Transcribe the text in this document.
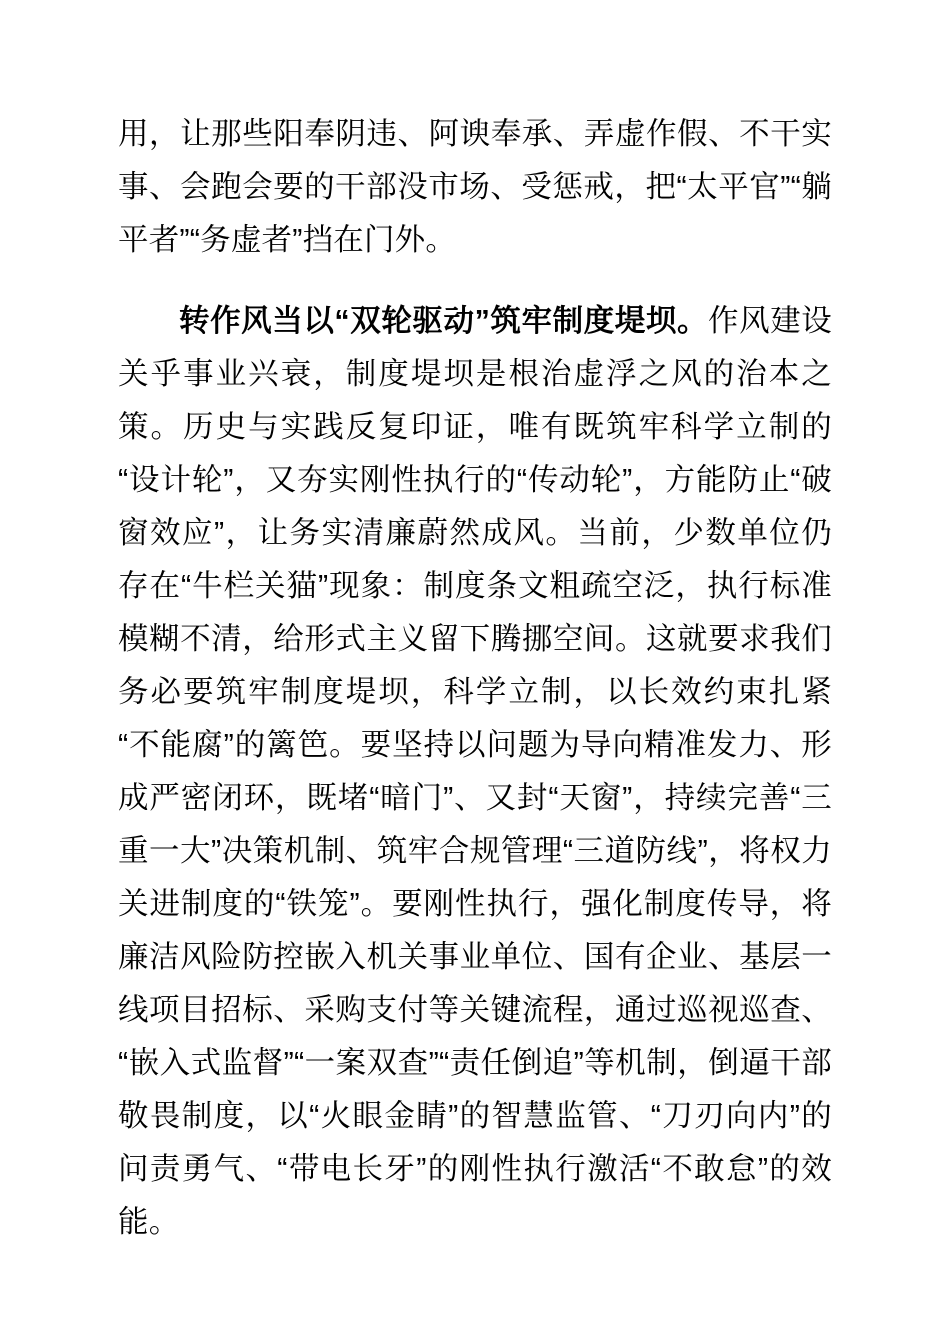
用，让那些阳奉阴违、阿谀奉承、弄虚作假、不干实事、会跑会要的干部没市场、受惩戒，把“太平官”“躺平者”“务虚者”挡在门外。

转作风当以“双轮驱动”筑牢制度堤坝。作风建设关乎事业兴衰，制度堤坝是根治虚浮之风的治本之策。历史与实践反复印证，唯有既筑牢科学立制的“设计轮”，又夯实刚性执行的“传动轮”，方能防止“破窗效应”，让务实清廉蔚然成风。当前，少数单位仍存在“牛栏关猫”现象：制度条文粗疏空泛，执行标准模糊不清，给形式主义留下腾挪空间。这就要求我们务必要筑牢制度堤坝，科学立制，以长效约束扎紧“不能腐”的篱笆。要坚持以问题为导向精准发力、形成严密闭环，既堵“暗门”、又封“天窗”，持续完善“三重一大”决策机制、筑牢合规管理“三道防线”，将权力关进制度的“铁笼”。要刚性执行，强化制度传导，将廉洁风险防控嵌入机关事业单位、国有企业、基层一线项目招标、采购支付等关键流程，通过巡视巡查、“嵌入式监督”“一案双查”“责任倒追”等机制，倒逼干部敬畏制度，以“火眼金睛”的智慧监管、“刀刃向内”的问责勇气、“带电长牙”的刚性执行激活“不敢怠”的效能。
